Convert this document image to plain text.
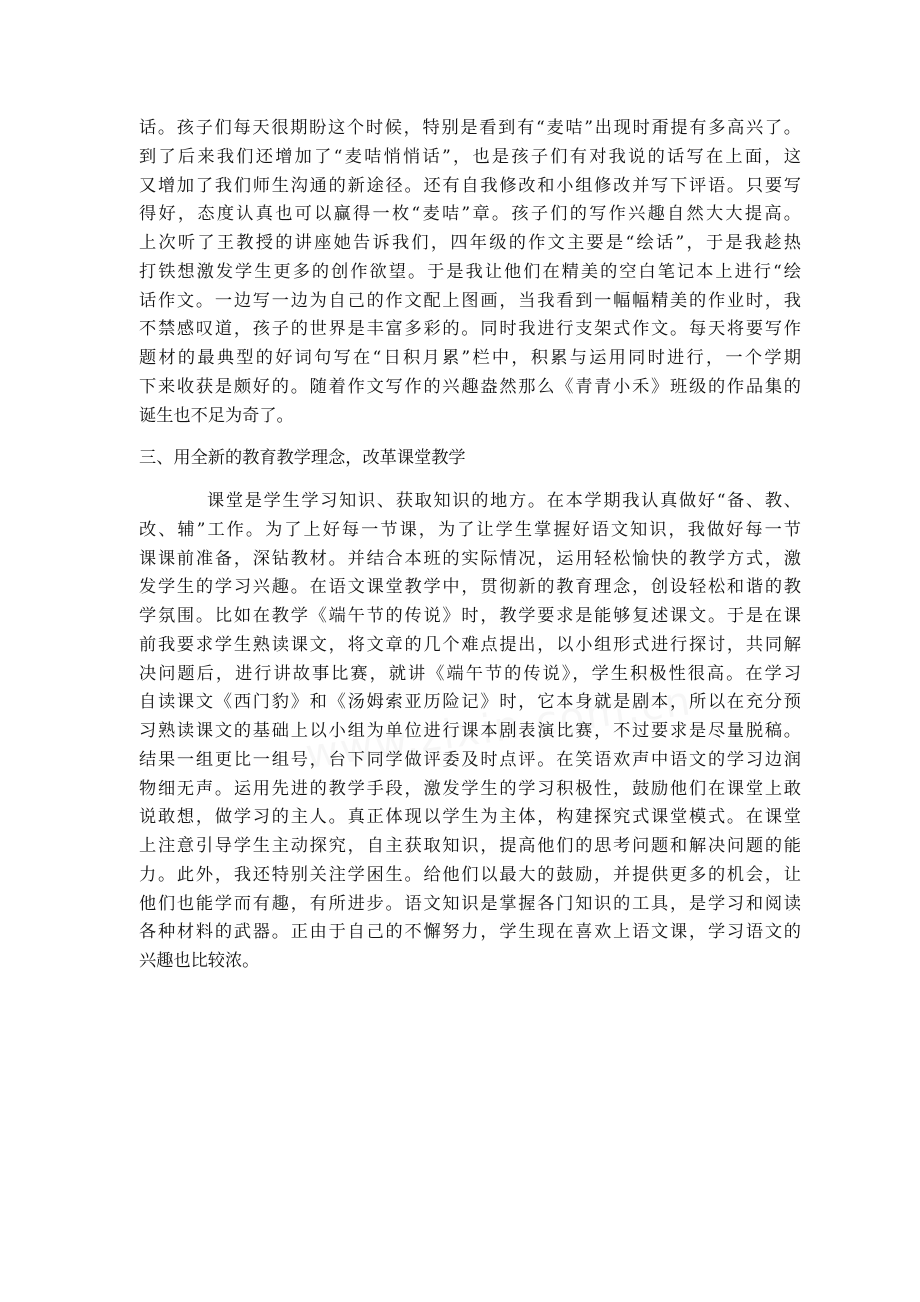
话。孩子们每天很期盼这个时候，特别是看到有“麦咭”出现时甭提有多高兴了。
到了后来我们还增加了“麦咭悄悄话”，也是孩子们有对我说的话写在上面，这
又增加了我们师生沟通的新途径。还有自我修改和小组修改并写下评语。只要写
得好，态度认真也可以赢得一枚“麦咭”章。孩子们的写作兴趣自然大大提高。
上次听了王教授的讲座她告诉我们，四年级的作文主要是“绘话”，于是我趁热
打铁想激发学生更多的创作欲望。于是我让他们在精美的空白笔记本上进行“绘
话作文。一边写一边为自己的作文配上图画，当我看到一幅幅精美的作业时，我
不禁感叹道，孩子的世界是丰富多彩的。同时我进行支架式作文。每天将要写作
题材的最典型的好词句写在“日积月累”栏中，积累与运用同时进行，一个学期
下来收获是颇好的。随着作文写作的兴趣盎然那么《青青小禾》班级的作品集的
诞生也不足为奇了。
三、用全新的教育教学理念，改革课堂教学
课堂是学生学习知识、获取知识的地方。在本学期我认真做好“备、教、
改、辅”工作。为了上好每一节课，为了让学生掌握好语文知识，我做好每一节
课课前准备，深钻教材。并结合本班的实际情况，运用轻松愉快的教学方式，激
发学生的学习兴趣。在语文课堂教学中，贯彻新的教育理念，创设轻松和谐的教
学氛围。比如在教学《端午节的传说》时，教学要求是能够复述课文。于是在课
前我要求学生熟读课文，将文章的几个难点提出，以小组形式进行探讨，共同解
决问题后，进行讲故事比赛，就讲《端午节的传说》，学生积极性很高。在学习
自读课文《西门豹》和《汤姆索亚历险记》时，它本身就是剧本，所以在充分预
习熟读课文的基础上以小组为单位进行课本剧表演比赛，不过要求是尽量脱稿。
结果一组更比一组号，台下同学做评委及时点评。在笑语欢声中语文的学习边润
物细无声。运用先进的教学手段，激发学生的学习积极性，鼓励他们在课堂上敢
说敢想，做学习的主人。真正体现以学生为主体，构建探究式课堂模式。在课堂
上注意引导学生主动探究，自主获取知识，提高他们的思考问题和解决问题的能
力。此外，我还特别关注学困生。给他们以最大的鼓励，并提供更多的机会，让
他们也能学而有趣，有所进步。语文知识是掌握各门知识的工具，是学习和阅读
各种材料的武器。正由于自己的不懈努力，学生现在喜欢上语文课，学习语文的
兴趣也比较浓。
